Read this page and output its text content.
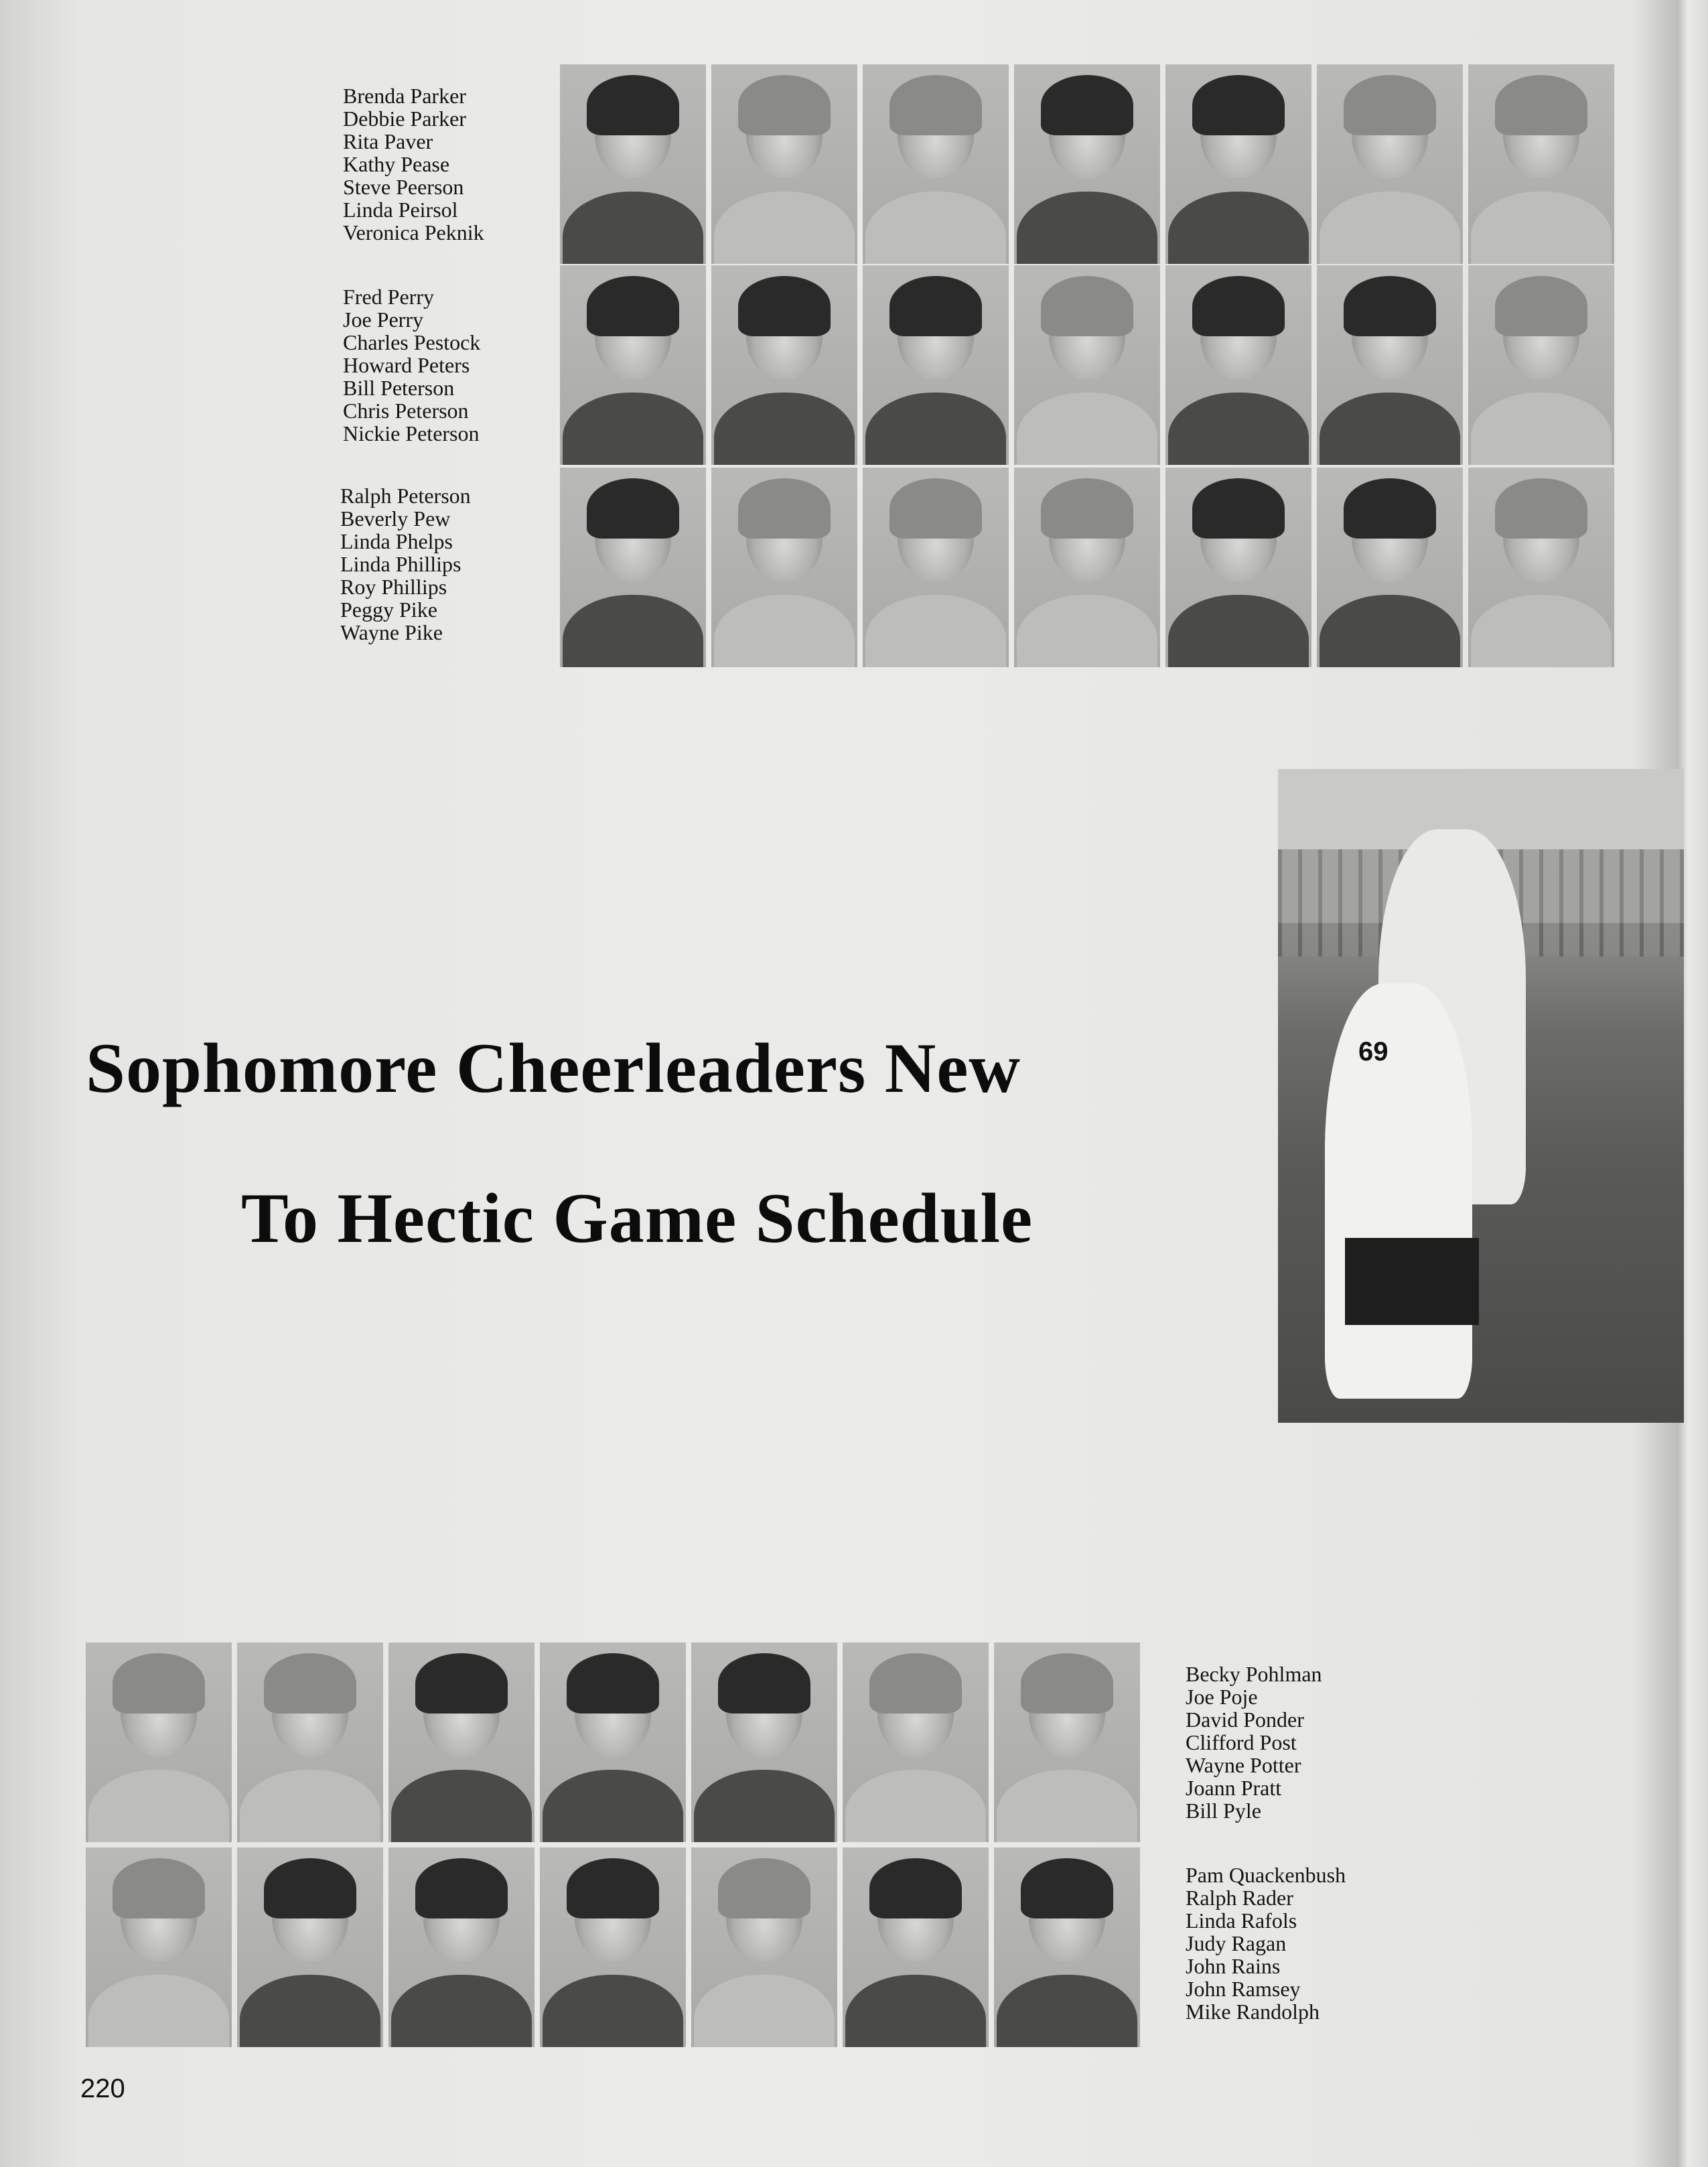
Brenda Parker
Debbie Parker
Rita Paver
Kathy Pease
Steve Peerson
Linda Peirsol
Veronica Peknik
Fred Perry
Joe Perry
Charles Pestock
Howard Peters
Bill Peterson
Chris Peterson
Nickie Peterson
Ralph Peterson
Beverly Pew
Linda Phelps
Linda Phillips
Roy Phillips
Peggy Pike
Wayne Pike
Sophomore Cheerleaders New
To Hectic Game Schedule
69
Becky Pohlman
Joe Poje
David Ponder
Clifford Post
Wayne Potter
Joann Pratt
Bill Pyle
Pam Quackenbush
Ralph Rader
Linda Rafols
Judy Ragan
John Rains
John Ramsey
Mike Randolph
220
